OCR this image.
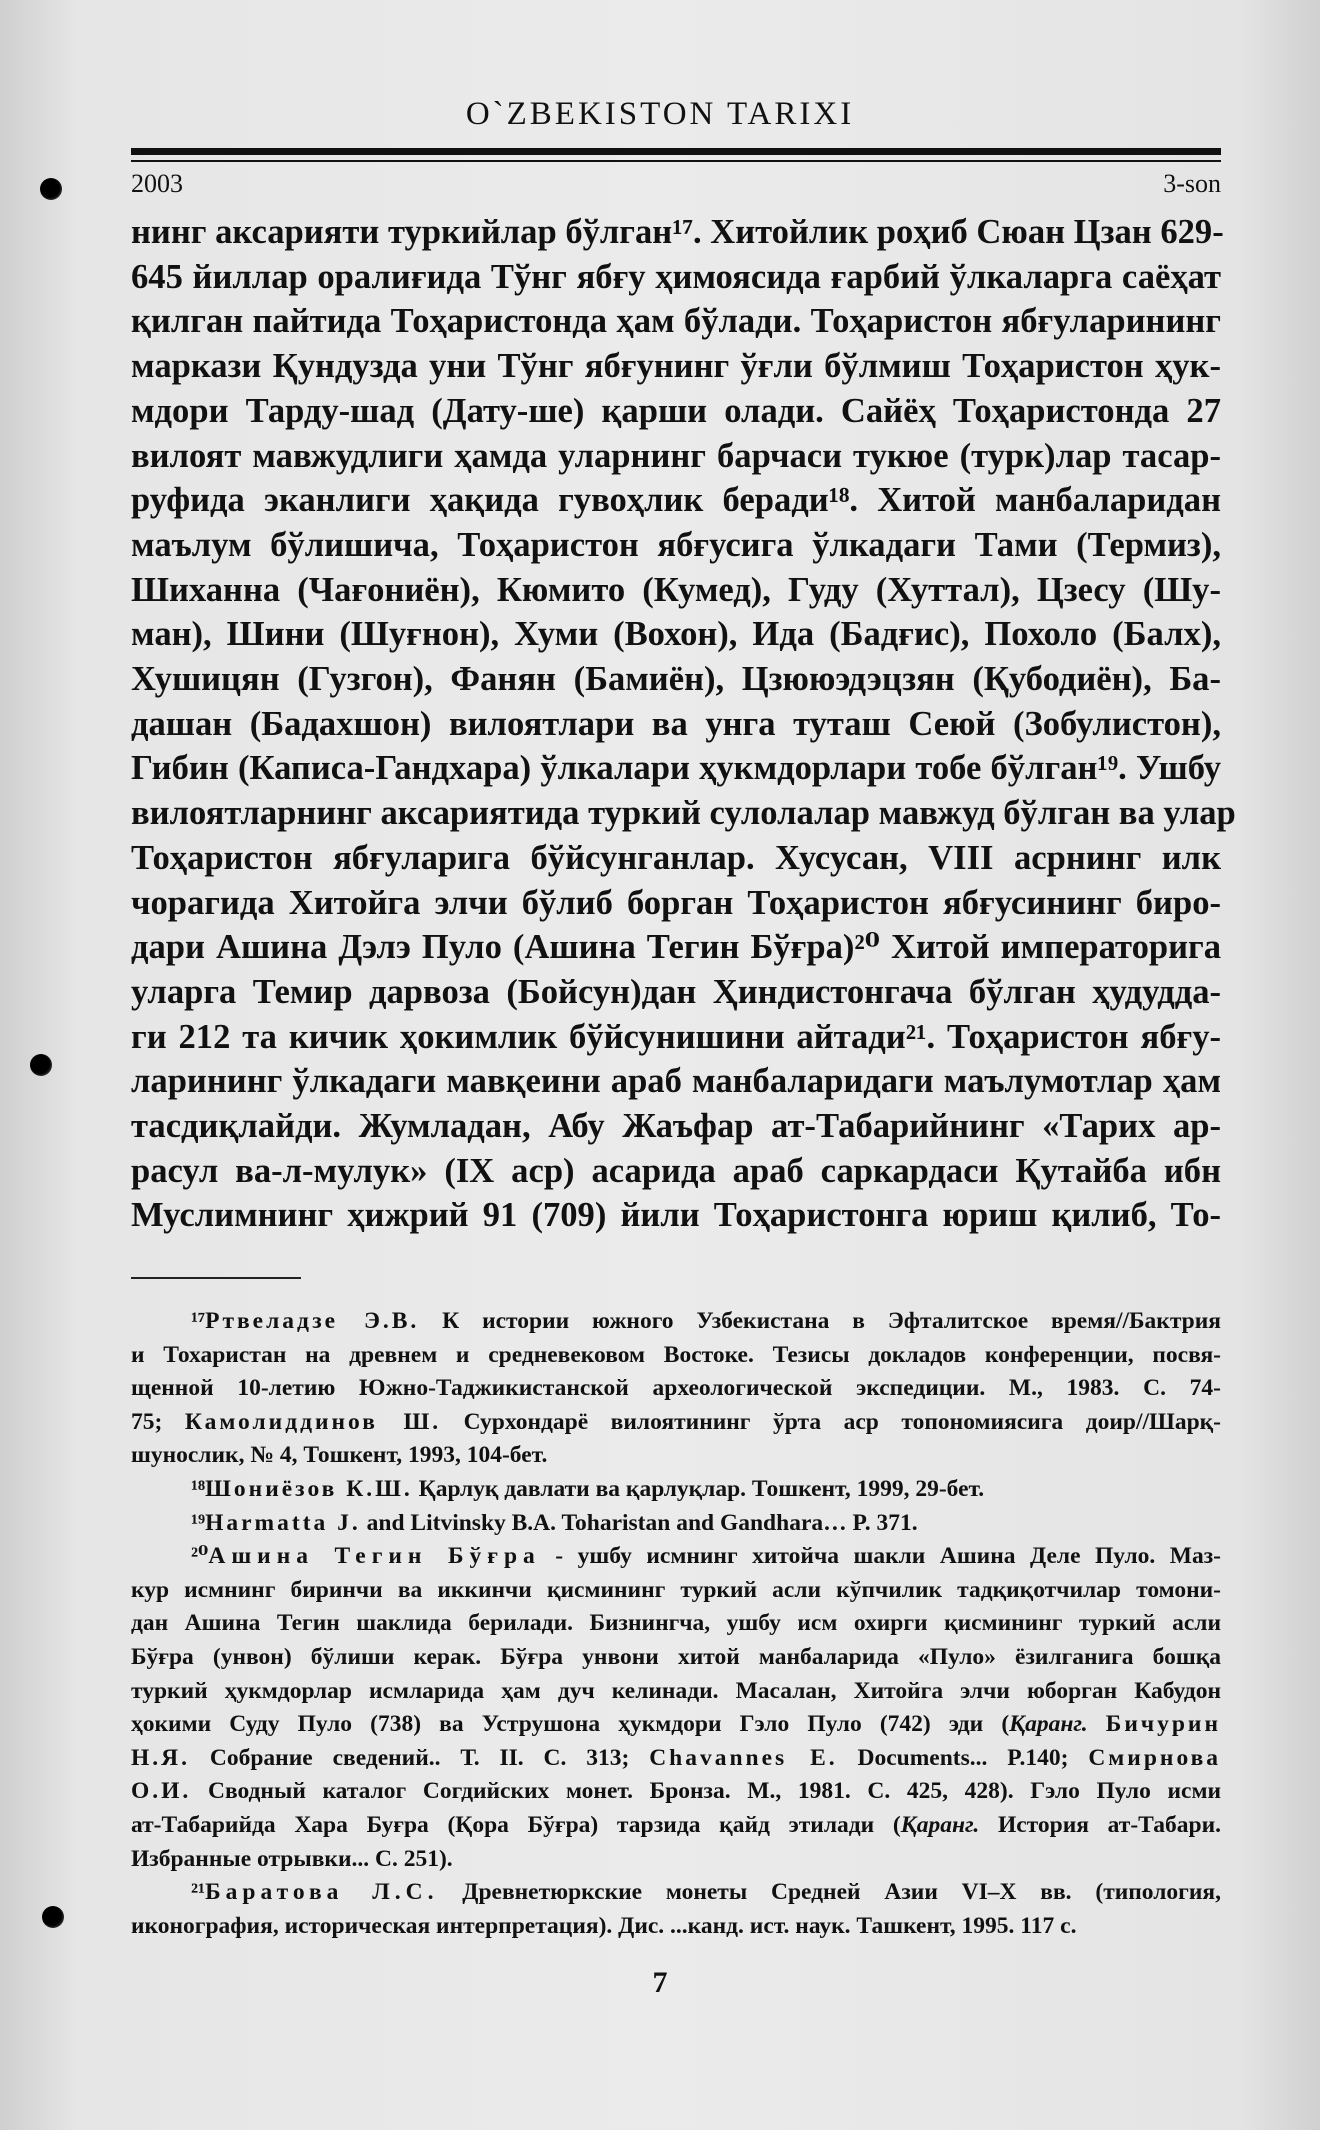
O`ZBEKISTON TARIXI
2003	3-son
нинг аксарияти туркийлар бўлган¹⁷. Хитойлик роҳиб Сюан Цзан 629-
645 йиллар оралиғида Тўнг ябғу ҳимоясида ғарбий ўлкаларга саёҳат
қилган пайтида Тоҳаристонда ҳам бўлади. Тоҳаристон ябғуларининг
маркази Қундузда уни Тўнг ябғунинг ўғли бўлмиш Тоҳаристон ҳук-
мдори Тарду-шад (Дату-ше) қарши олади. Сайёҳ Тоҳаристонда 27
вилоят мавжудлиги ҳамда уларнинг барчаси тукюе (турк)лар тасар-
руфида эканлиги ҳақида гувоҳлик беради¹⁸. Хитой манбаларидан
маълум бўлишича, Тоҳаристон ябғусига ўлкадаги Тами (Термиз),
Шиханна (Чағониён), Кюмито (Кумед), Гуду (Хуттал), Цзесу (Шу-
ман), Шини (Шуғнон), Хуми (Вохон), Ида (Бадғис), Похоло (Балх),
Хушицян (Гузгон), Фанян (Бамиён), Цзююэдэцзян (Қубодиён), Ба-
дашан (Бадахшон) вилоятлари ва унга туташ Сеюй (Зобулистон),
Гибин (Каписа-Гандхара) ўлкалари ҳукмдорлари тобе бўлган¹⁹. Ушбу
вилоятларнинг аксариятида туркий сулолалар мавжуд бўлган ва улар
Тоҳаристон ябғуларига бўйсунганлар. Хусусан, VIII асрнинг илк
чорагида Хитойга элчи бўлиб борган Тоҳаристон ябғусининг биро-
дари Ашина Дэлэ Пуло (Ашина Тегин Бўғра)²⁰ Хитой императорига
уларга Темир дарвоза (Бойсун)дан Ҳиндистонгача бўлган ҳудудда-
ги 212 та кичик ҳокимлик бўйсунишини айтади²¹. Тоҳаристон ябғу-
ларининг ўлкадаги мавқеини араб манбаларидаги маълумотлар ҳам
тасдиқлайди. Жумладан, Абу Жаъфар ат-Табарийнинг «Тарих ар-
расул ва-л-мулук» (IX аср) асарида араб саркардаси Қутайба ибн
Муслимнинг ҳижрий 91 (709) йили Тоҳаристонга юриш қилиб, То-
¹⁷Ртвеладзе Э.В. К истории южного Узбекистана в Эфталитское время//Бактрия
и Тохаристан на древнем и средневековом Востоке. Тезисы докладов конференции, посвя-
щенной 10-летию Южно-Таджикистанской археологической экспедиции. М., 1983. С. 74-
75; Камолиддинов Ш. Сурхондарё вилоятининг ўрта аср топономиясига доир//Шарқ-
шунослик, № 4, Тошкент, 1993, 104-бет.
¹⁸Шониёзов К.Ш. Қарлуқ давлати ва қарлуқлар. Тошкент, 1999, 29-бет.
¹⁹Harmatta J. and Litvinsky B.A. Toharistan and Gandhara… P. 371.
²⁰Ашина Тегин Бўғра - ушбу исмнинг хитойча шакли Ашина Деле Пуло. Маз-
кур исмнинг биринчи ва иккинчи қисмининг туркий асли кўпчилик тадқиқотчилар томони-
дан Ашина Тегин шаклида берилади. Бизнингча, ушбу исм охирги қисмининг туркий асли
Бўғра (унвон) бўлиши керак. Бўғра унвони хитой манбаларида «Пуло» ёзилганига бошқа
туркий ҳукмдорлар исмларида ҳам дуч келинади. Масалан, Хитойга элчи юборган Кабудон
ҳокими Суду Пуло (738) ва Уструшона ҳукмдори Гэло Пуло (742) эди (Қаранг. Бичурин
Н.Я. Собрание сведений.. Т. II. С. 313; Chavannes E. Documents... P.140; Смирнова
О.И. Сводный каталог Согдийских монет. Бронза. М., 1981. С. 425, 428). Гэло Пуло исми
ат-Табарийда Хара Буғра (Қора Бўғра) тарзида қайд этилади (Қаранг. История ат-Табари.
Избранные отрывки... С. 251).
²¹Баратова Л.С. Древнетюркские монеты Средней Азии VI–X вв. (типология,
иконография, историческая интерпретация). Дис. ...канд. ист. наук. Ташкент, 1995. 117 с.
7
